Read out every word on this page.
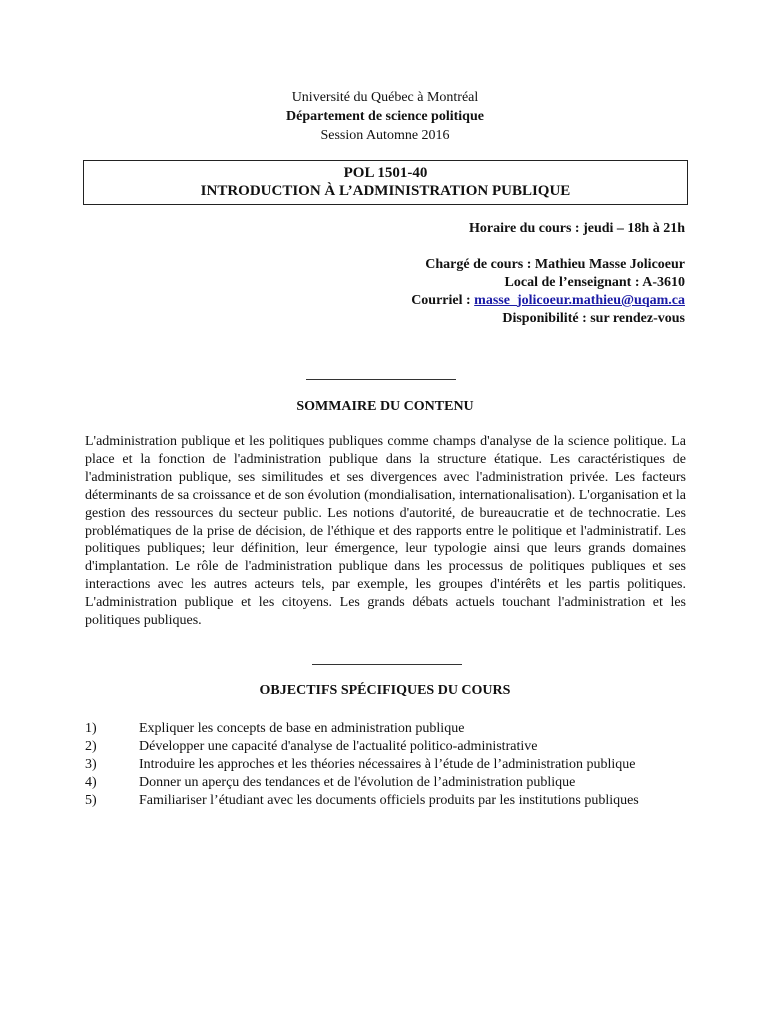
Université du Québec à Montréal
Département de science politique
Session Automne 2016
POL 1501-40
INTRODUCTION À L’ADMINISTRATION PUBLIQUE
Horaire du cours : jeudi – 18h à 21h
Chargé de cours : Mathieu Masse Jolicoeur
Local de l’enseignant : A-3610
Courriel : masse_jolicoeur.mathieu@uqam.ca
Disponibilité : sur rendez-vous
SOMMAIRE DU CONTENU

L'administration publique et les politiques publiques comme champs d'analyse de la science politique. La place et la fonction de l'administration publique dans la structure étatique. Les caractéristiques de l'administration publique, ses similitudes et ses divergences avec l'administration privée. Les facteurs déterminants de sa croissance et de son évolution (mondialisation, internationalisation). L'organisation et la gestion des ressources du secteur public. Les notions d'autorité, de bureaucratie et de technocratie. Les problématiques de la prise de décision, de l'éthique et des rapports entre le politique et l'administratif. Les politiques publiques; leur définition, leur émergence, leur typologie ainsi que leurs grands domaines d'implantation. Le rôle de l'administration publique dans les processus de politiques publiques et ses interactions avec les autres acteurs tels, par exemple, les groupes d'intérêts et les partis politiques. L'administration publique et les citoyens. Les grands débats actuels touchant l'administration et les politiques publiques.

OBJECTIFS SPÉCIFIQUES DU COURS
1)	Expliquer les concepts de base en administration publique
2)	Développer une capacité d'analyse de l'actualité politico-administrative
3)	Introduire les approches et les théories nécessaires à l’étude de l’administration publique
4)	Donner un aperçu des tendances et de l'évolution de l’administration publique
5)	Familiariser l’étudiant avec les documents officiels produits par les institutions publiques
